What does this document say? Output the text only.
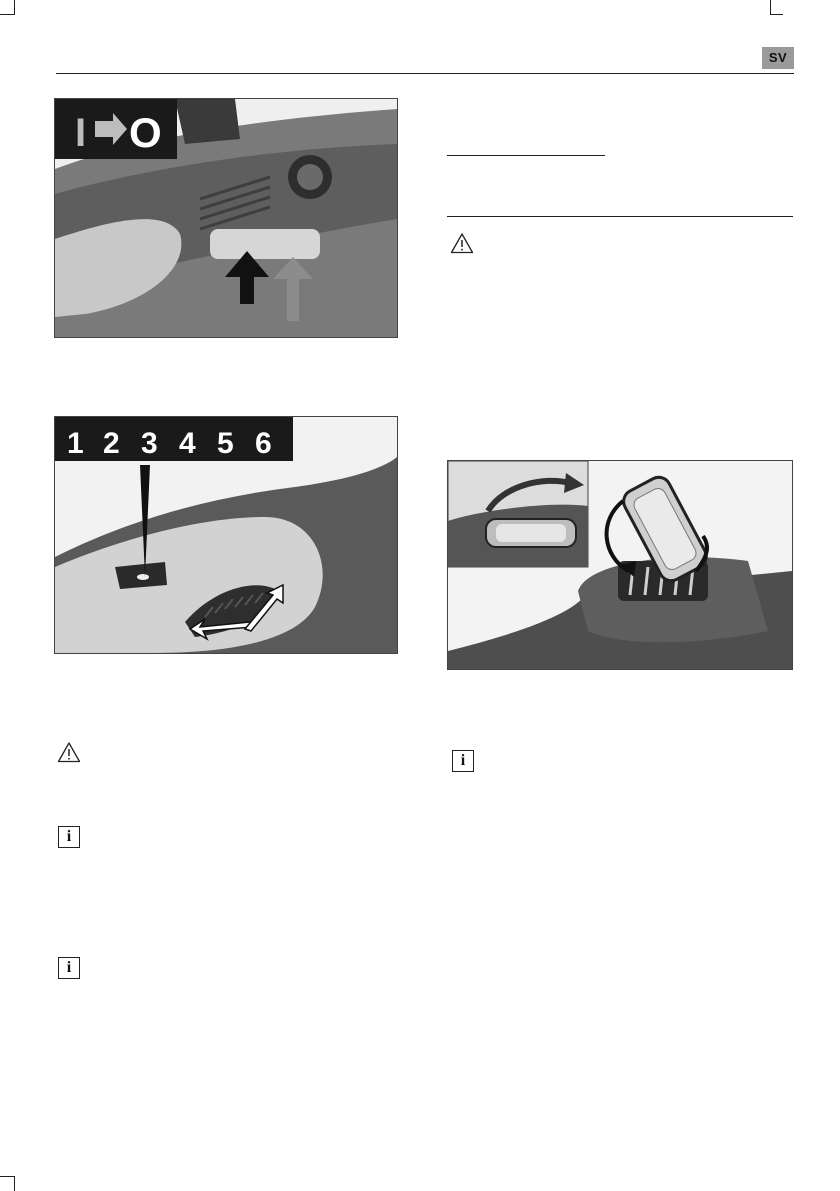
SV
I O
1 2 3 4 5 6
i
i
i
